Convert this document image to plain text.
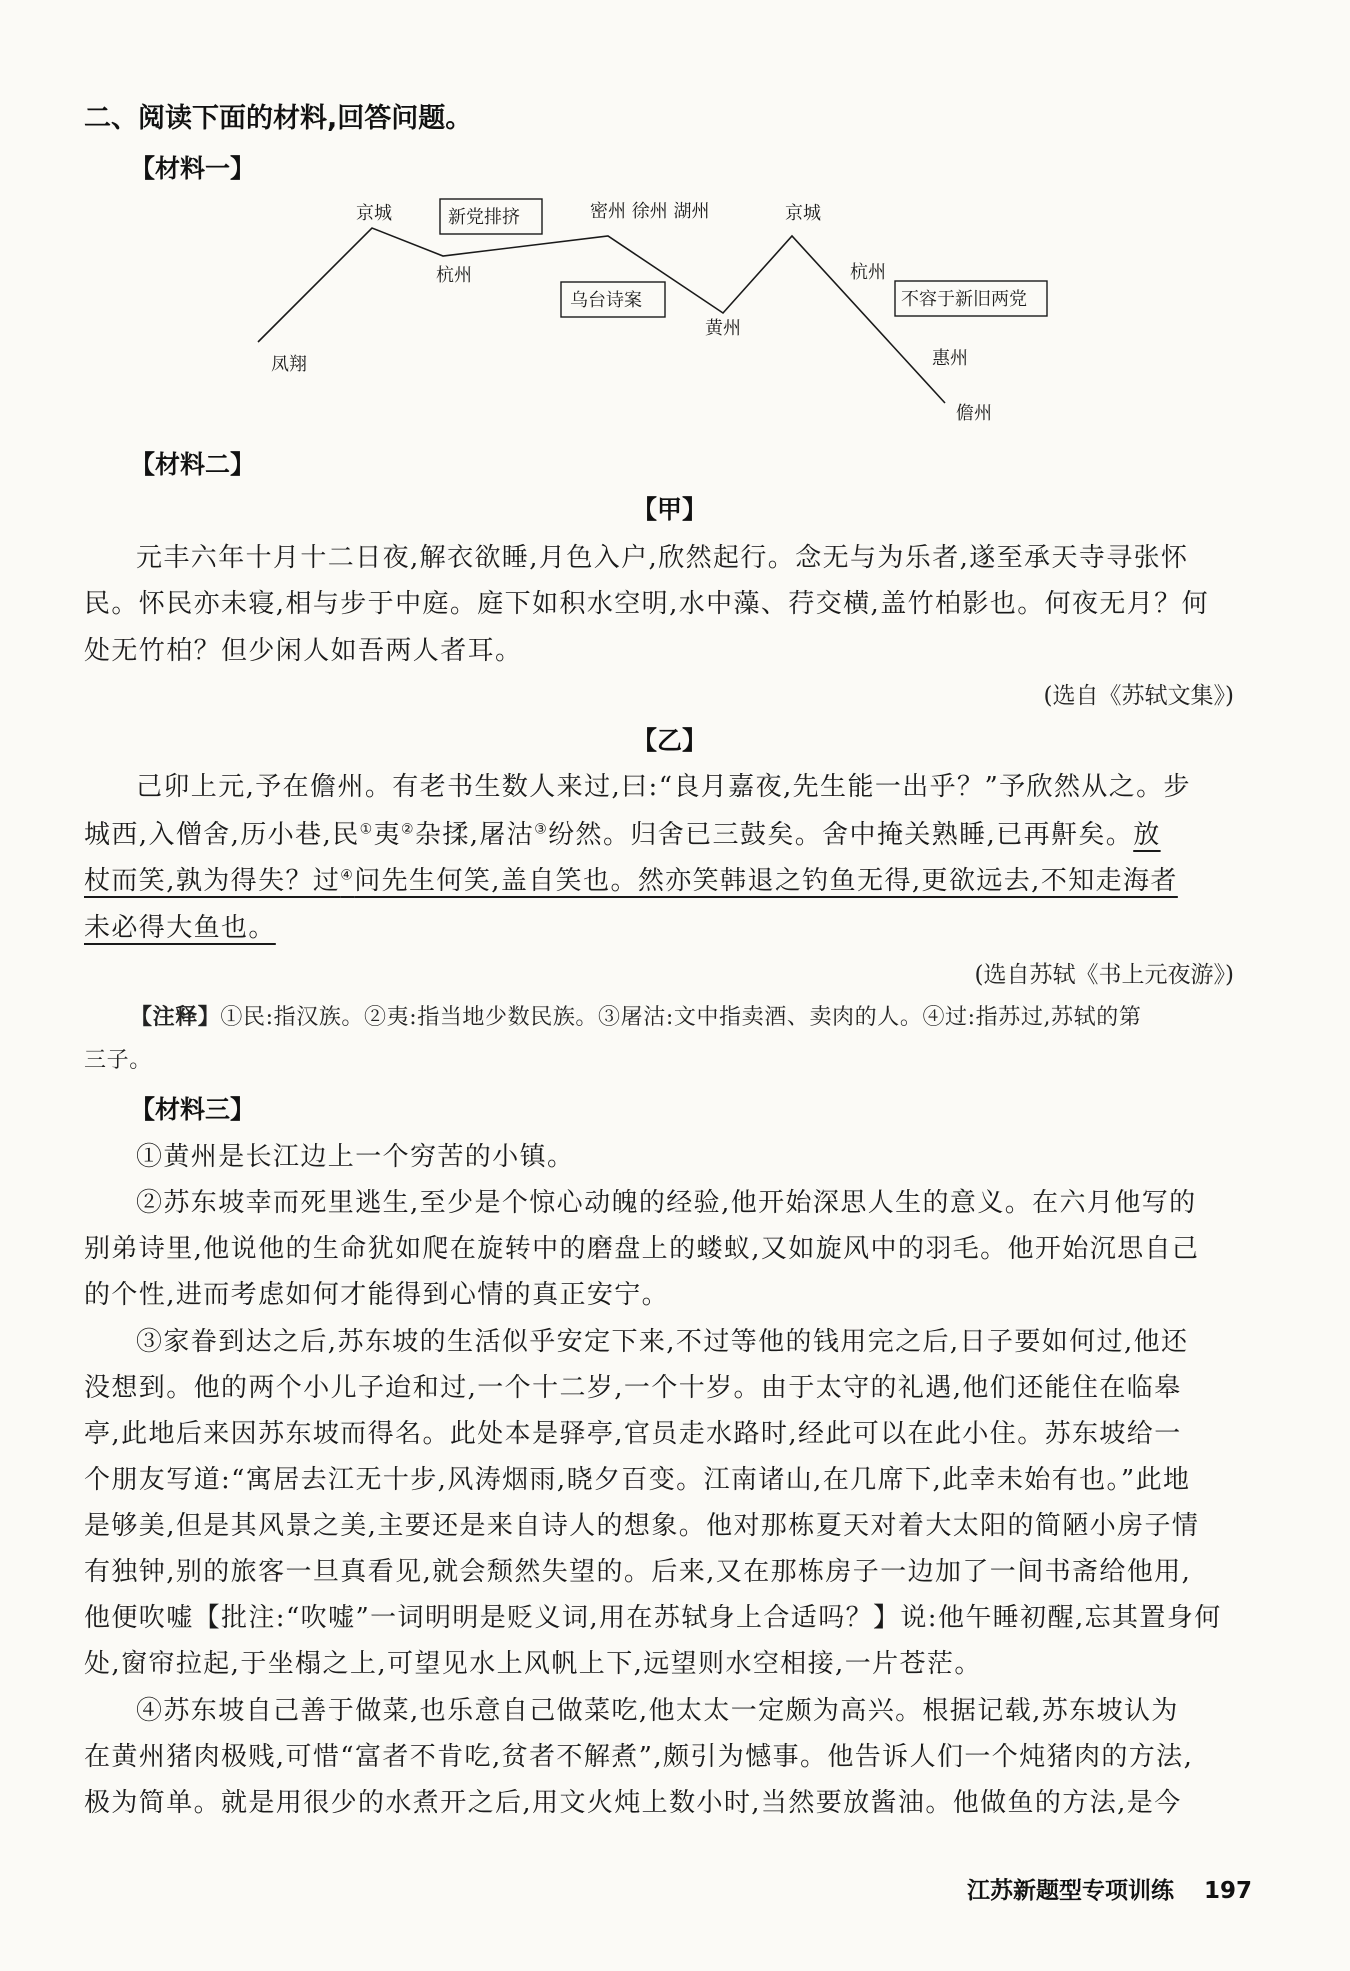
二、阅读下面的材料,回答问题。
【材料一】
凤翔
京城
杭州
密州 徐州 湖州
黄州
京城
杭州
惠州
儋州
新党排挤
乌台诗案	不容于新旧两党
【材料二】
【甲】
元丰六年十月十二日夜,解衣欲睡,月色入户,欣然起行。念无与为乐者,遂至承天寺寻张怀
民。怀民亦未寝,相与步于中庭。庭下如积水空明,水中藻、荇交横,盖竹柏影也。何夜无月？何
处无竹柏？但少闲人如吾两人者耳。
(选自《苏轼文集》)
【乙】
己卯上元,予在儋州。有老书生数人来过,曰:“良月嘉夜,先生能一出乎？”予欣然从之。步
城西,入僧舍,历小巷,民①夷②杂揉,屠沽③纷然。归舍已三鼓矣。舍中掩关熟睡,已再鼾矣。放
杖而笑,孰为得失？过④问先生何笑,盖自笑也。然亦笑韩退之钓鱼无得,更欲远去,不知走海者
未必得大鱼也。
(选自苏轼《书上元夜游》)
【注释】①民:指汉族。②夷:指当地少数民族。③屠沽:文中指卖酒、卖肉的人。④过:指苏过,苏轼的第
三子。
【材料三】
①黄州是长江边上一个穷苦的小镇。
②苏东坡幸而死里逃生,至少是个惊心动魄的经验,他开始深思人生的意义。在六月他写的
别弟诗里,他说他的生命犹如爬在旋转中的磨盘上的蝼蚁,又如旋风中的羽毛。他开始沉思自己
的个性,进而考虑如何才能得到心情的真正安宁。
③家眷到达之后,苏东坡的生活似乎安定下来,不过等他的钱用完之后,日子要如何过,他还
没想到。他的两个小儿子迨和过,一个十二岁,一个十岁。由于太守的礼遇,他们还能住在临皋
亭,此地后来因苏东坡而得名。此处本是驿亭,官员走水路时,经此可以在此小住。苏东坡给一
个朋友写道:“寓居去江无十步,风涛烟雨,晓夕百变。江南诸山,在几席下,此幸未始有也。”此地
是够美,但是其风景之美,主要还是来自诗人的想象。他对那栋夏天对着大太阳的简陋小房子情
有独钟,别的旅客一旦真看见,就会颓然失望的。后来,又在那栋房子一边加了一间书斋给他用,
他便吹嘘【批注:“吹嘘”一词明明是贬义词,用在苏轼身上合适吗？】说:他午睡初醒,忘其置身何
处,窗帘拉起,于坐榻之上,可望见水上风帆上下,远望则水空相接,一片苍茫。
④苏东坡自己善于做菜,也乐意自己做菜吃,他太太一定颇为高兴。根据记载,苏东坡认为
在黄州猪肉极贱,可惜“富者不肯吃,贫者不解煮”,颇引为憾事。他告诉人们一个炖猪肉的方法,
极为简单。就是用很少的水煮开之后,用文火炖上数小时,当然要放酱油。他做鱼的方法,是今
江苏新题型专项训练 197
